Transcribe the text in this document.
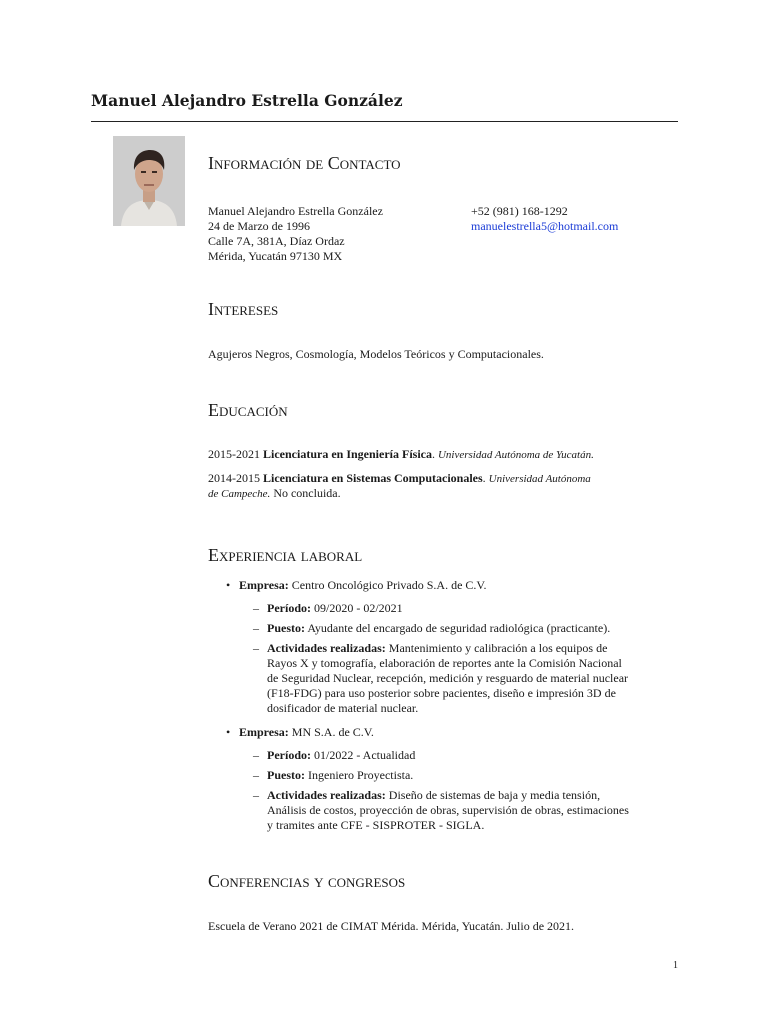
Manuel Alejandro Estrella González
Información de Contacto
Manuel Alejandro Estrella González
24 de Marzo de 1996
Calle 7A, 381A, Díaz Ordaz
Mérida, Yucatán 97130 MX
+52 (981) 168-1292
manuelestrella5@hotmail.com
Intereses
Agujeros Negros, Cosmología, Modelos Teóricos y Computacionales.
Educación
2015-2021 Licenciatura en Ingeniería Física. Universidad Autónoma de Yucatán.
2014-2015 Licenciatura en Sistemas Computacionales. Universidad Autónoma
de Campeche. No concluida.
Experiencia laboral
• Empresa: Centro Oncológico Privado S.A. de C.V.
– Período: 09/2020 - 02/2021
– Puesto: Ayudante del encargado de seguridad radiológica (practicante).
– Actividades realizadas: Mantenimiento y calibración a los equipos de
Rayos X y tomografía, elaboración de reportes ante la Comisión Nacional
de Seguridad Nuclear, recepción, medición y resguardo de material nuclear
(F18-FDG) para uso posterior sobre pacientes, diseño e impresión 3D de
dosificador de material nuclear.
• Empresa: MN S.A. de C.V.
– Período: 01/2022 - Actualidad
– Puesto: Ingeniero Proyectista.
– Actividades realizadas: Diseño de sistemas de baja y media tensión,
Análisis de costos, proyección de obras, supervisión de obras, estimaciones
y tramites ante CFE - SISPROTER - SIGLA.
Conferencias y congresos
Escuela de Verano 2021 de CIMAT Mérida. Mérida, Yucatán. Julio de 2021.
1
